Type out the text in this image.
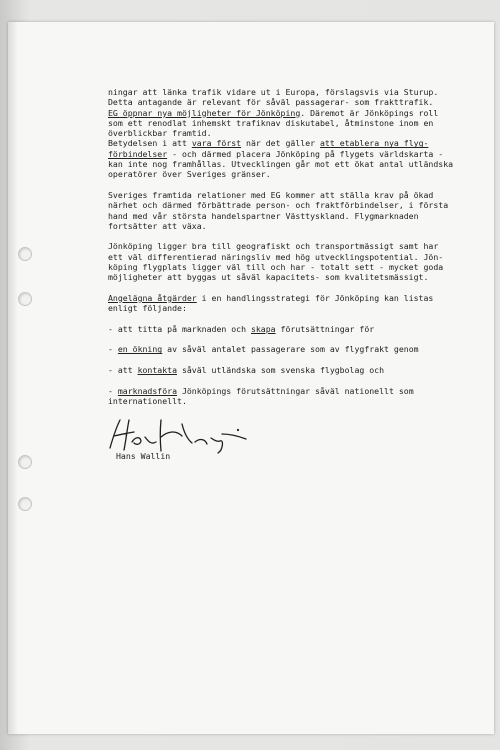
ningar att länka trafik vidare ut i Europa, förslagsvis via Sturup.
Detta antagande är relevant för såväl passagerar- som frakttrafik.
EG öppnar nya möjligheter för Jönköping. Däremot är Jönköpings roll
som ett renodlat inhemskt trafiknav diskutabel, åtminstone inom en
överblickbar framtid.
Betydelsen i att vara först när det gäller att etablera nya flyg-
förbindelser - och därmed placera Jönköping på flygets världskarta -
kan inte nog framhållas. Utvecklingen går mot ett ökat antal utländska
operatörer över Sveriges gränser.
Sveriges framtida relationer med EG kommer att ställa krav på ökad
närhet och därmed förbättrade person- och fraktförbindelser, i första
hand med vår största handelspartner Västtyskland. Flygmarknaden
fortsätter att växa.
Jönköping ligger bra till geografiskt och transportmässigt samt har
ett väl differentierad näringsliv med hög utvecklingspotential. Jön-
köping flygplats ligger väl till och har - totalt sett - mycket goda
möjligheter att byggas ut såväl kapacitets- som kvalitetsmässigt.
Angelägna åtgärder i en handlingsstrategi för Jönköping kan listas
enligt följande:
- att titta på marknaden och skapa förutsättningar för
- en ökning av såväl antalet passagerare som av flygfrakt genom
- att kontakta såväl utländska som svenska flygbolag och
- marknadsföra Jönköpings förutsättningar såväl nationellt som
internationellt.
Hans Wallin
